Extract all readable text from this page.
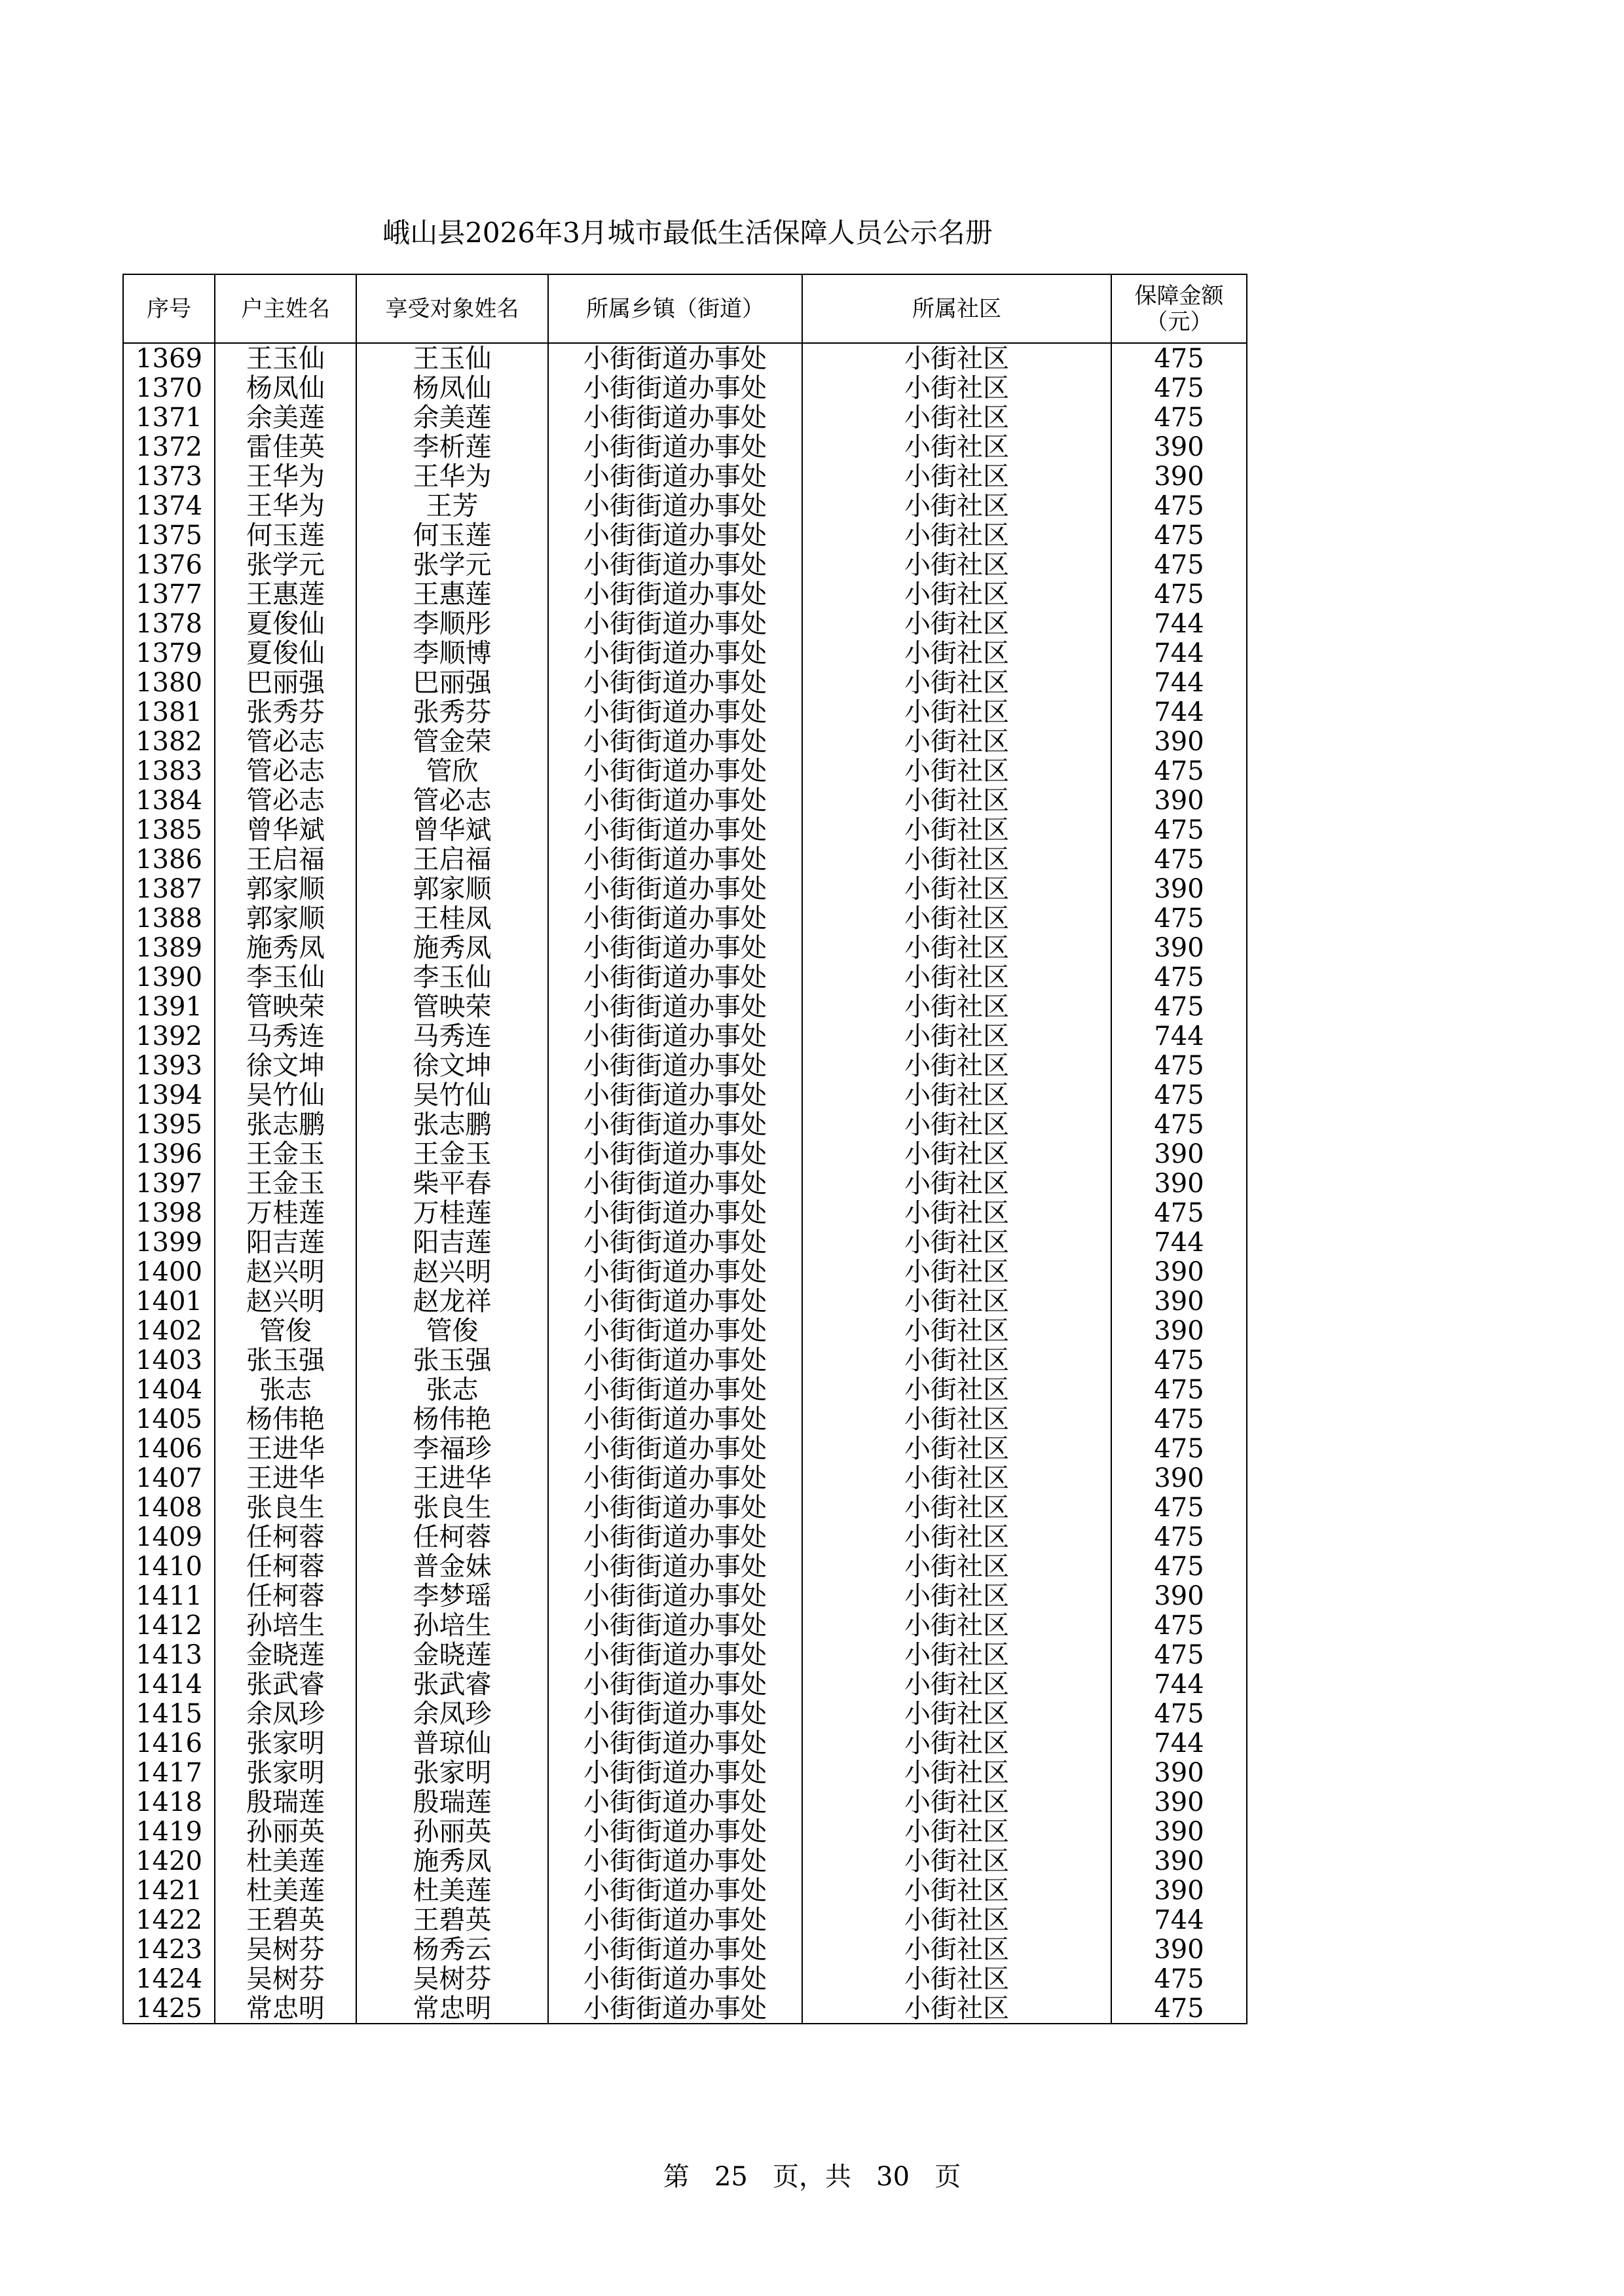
峨山县2026年3月城市最低生活保障人员公示名册
序号	户主姓名	享受对象姓名	所属乡镇（街道）	所属社区	保障金额
（元）

1369	王玉仙	王玉仙	小街街道办事处	小街社区	475
1370	杨凤仙	杨凤仙	小街街道办事处	小街社区	475
1371	余美莲	余美莲	小街街道办事处	小街社区	475
1372	雷佳英	李析莲	小街街道办事处	小街社区	390
1373	王华为	王华为	小街街道办事处	小街社区	390
1374	王华为	王芳	小街街道办事处	小街社区	475
1375	何玉莲	何玉莲	小街街道办事处	小街社区	475
1376	张学元	张学元	小街街道办事处	小街社区	475
1377	王惠莲	王惠莲	小街街道办事处	小街社区	475
1378	夏俊仙	李顺彤	小街街道办事处	小街社区	744
1379	夏俊仙	李顺博	小街街道办事处	小街社区	744
1380	巴丽强	巴丽强	小街街道办事处	小街社区	744
1381	张秀芬	张秀芬	小街街道办事处	小街社区	744
1382	管必志	管金荣	小街街道办事处	小街社区	390
1383	管必志	管欣	小街街道办事处	小街社区	475
1384	管必志	管必志	小街街道办事处	小街社区	390
1385	曾华斌	曾华斌	小街街道办事处	小街社区	475
1386	王启福	王启福	小街街道办事处	小街社区	475
1387	郭家顺	郭家顺	小街街道办事处	小街社区	390
1388	郭家顺	王桂凤	小街街道办事处	小街社区	475
1389	施秀凤	施秀凤	小街街道办事处	小街社区	390
1390	李玉仙	李玉仙	小街街道办事处	小街社区	475
1391	管映荣	管映荣	小街街道办事处	小街社区	475
1392	马秀连	马秀连	小街街道办事处	小街社区	744
1393	徐文坤	徐文坤	小街街道办事处	小街社区	475
1394	吴竹仙	吴竹仙	小街街道办事处	小街社区	475
1395	张志鹏	张志鹏	小街街道办事处	小街社区	475
1396	王金玉	王金玉	小街街道办事处	小街社区	390
1397	王金玉	柴平春	小街街道办事处	小街社区	390
1398	万桂莲	万桂莲	小街街道办事处	小街社区	475
1399	阳吉莲	阳吉莲	小街街道办事处	小街社区	744
1400	赵兴明	赵兴明	小街街道办事处	小街社区	390
1401	赵兴明	赵龙祥	小街街道办事处	小街社区	390
1402	管俊	管俊	小街街道办事处	小街社区	390
1403	张玉强	张玉强	小街街道办事处	小街社区	475
1404	张志	张志	小街街道办事处	小街社区	475
1405	杨伟艳	杨伟艳	小街街道办事处	小街社区	475
1406	王进华	李福珍	小街街道办事处	小街社区	475
1407	王进华	王进华	小街街道办事处	小街社区	390
1408	张良生	张良生	小街街道办事处	小街社区	475
1409	任柯蓉	任柯蓉	小街街道办事处	小街社区	475
1410	任柯蓉	普金妹	小街街道办事处	小街社区	475
1411	任柯蓉	李梦瑶	小街街道办事处	小街社区	390
1412	孙培生	孙培生	小街街道办事处	小街社区	475
1413	金晓莲	金晓莲	小街街道办事处	小街社区	475
1414	张武睿	张武睿	小街街道办事处	小街社区	744
1415	余凤珍	余凤珍	小街街道办事处	小街社区	475
1416	张家明	普琼仙	小街街道办事处	小街社区	744
1417	张家明	张家明	小街街道办事处	小街社区	390
1418	殷瑞莲	殷瑞莲	小街街道办事处	小街社区	390
1419	孙丽英	孙丽英	小街街道办事处	小街社区	390
1420	杜美莲	施秀凤	小街街道办事处	小街社区	390
1421	杜美莲	杜美莲	小街街道办事处	小街社区	390
1422	王碧英	王碧英	小街街道办事处	小街社区	744
1423	吴树芬	杨秀云	小街街道办事处	小街社区	390
1424	吴树芬	吴树芬	小街街道办事处	小街社区	475
1425	常忠明	常忠明	小街街道办事处	小街社区	475
第 25 页，共 30 页
